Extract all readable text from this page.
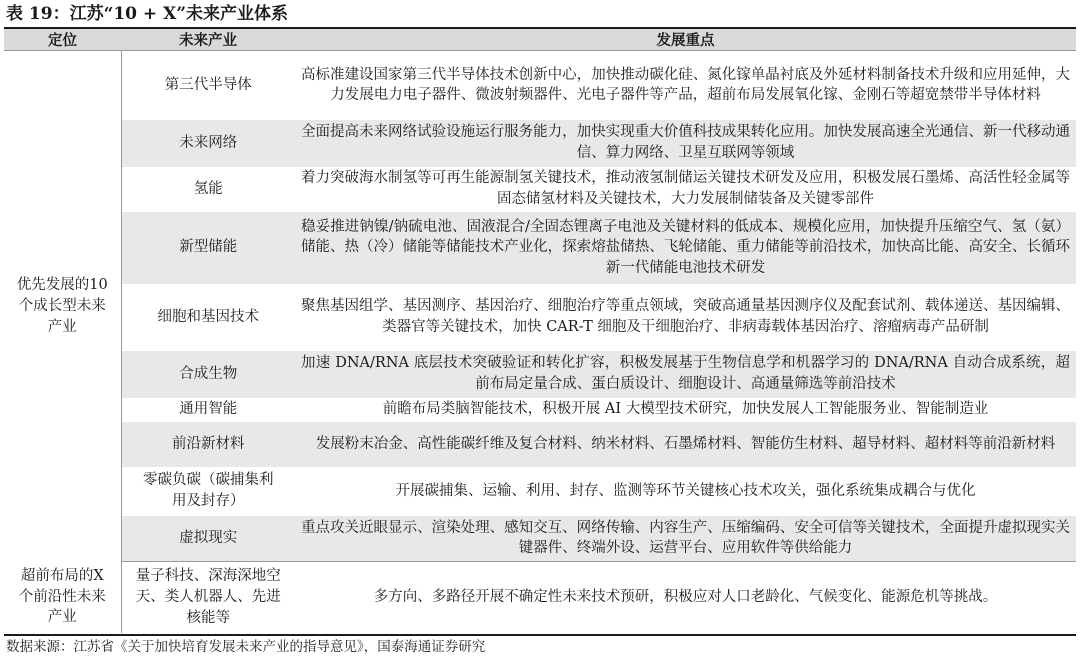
表 19：江苏“10 + X”未来产业体系
定位	未来产业	发展重点
优先发展的10个成长型未来产业	第三代半导体	高标准建设国家第三代半导体技术创新中心，加快推动碳化硅、氮化镓单晶衬底及外延材料制备技术升级和应用延伸，大力发展电力电子器件、微波射频器件、光电子器件等产品，超前布局发展氧化镓、金刚石等超宽禁带半导体材料
	未来网络	全面提高未来网络试验设施运行服务能力，加快实现重大价值科技成果转化应用。加快发展高速全光通信、新一代移动通信、算力网络、卫星互联网等领域
	氢能	着力突破海水制氢等可再生能源制氢关键技术，推动液氢制储运关键技术研发及应用，积极发展石墨烯、高活性轻金属等固态储氢材料及关键技术，大力发展制储装备及关键零部件
	新型储能	稳妥推进钠镍/钠硫电池、固液混合/全固态锂离子电池及关键材料的低成本、规模化应用，加快提升压缩空气、氢（氨）储能、热（冷）储能等储能技术产业化，探索熔盐储热、飞轮储能、重力储能等前沿技术，加快高比能、高安全、长循环新一代储能电池技术研发
	细胞和基因技术	聚焦基因组学、基因测序、基因治疗、细胞治疗等重点领域，突破高通量基因测序仪及配套试剂、载体递送、基因编辑、类器官等关键技术，加快 CAR-T 细胞及干细胞治疗、非病毒载体基因治疗、溶瘤病毒产品研制
	合成生物	加速 DNA/RNA 底层技术突破验证和转化扩容，积极发展基于生物信息学和机器学习的 DNA/RNA 自动合成系统，超前布局定量合成、蛋白质设计、细胞设计、高通量筛选等前沿技术
	通用智能	前瞻布局类脑智能技术，积极开展 AI 大模型技术研究，加快发展人工智能服务业、智能制造业
	前沿新材料	发展粉末冶金、高性能碳纤维及复合材料、纳米材料、石墨烯材料、智能仿生材料、超导材料、超材料等前沿新材料
	零碳负碳（碳捕集利用及封存）	开展碳捕集、运输、利用、封存、监测等环节关键核心技术攻关，强化系统集成耦合与优化
	虚拟现实	重点攻关近眼显示、渲染处理、感知交互、网络传输、内容生产、压缩编码、安全可信等关键技术，全面提升虚拟现实关键器件、终端外设、运营平台、应用软件等供给能力
超前布局的X个前沿性未来产业	量子科技、深海深地空天、类人机器人、先进核能等	多方向、多路径开展不确定性未来技术预研，积极应对人口老龄化、气候变化、能源危机等挑战。
数据来源：江苏省《关于加快培育发展未来产业的指导意见》，国泰海通证券研究
